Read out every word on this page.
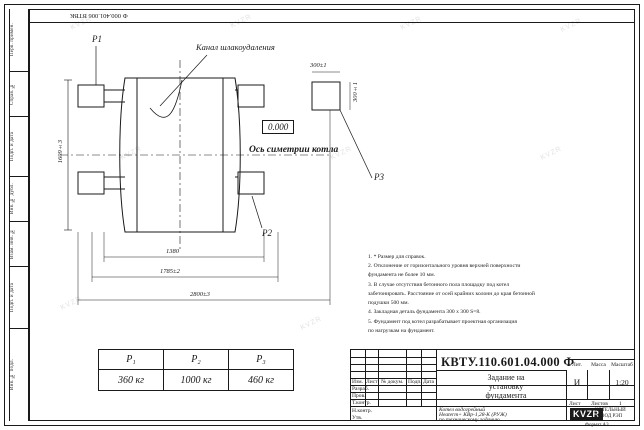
KVZR	KVZR	KVZR	KVZR
KVZR	KVZR	KVZR
KVZR
KVZR
Перв. примен.
Справ. №
Подп. и дата
Инв. № дубл.
Взам. инв. №
Подп. и дата
Инв. № подл.
Ф 000.401.006 ВТВК
P1
P2
P3
Канал шлакоудаления
0.000
Ось симетрии котла
1609±3
1380
1785±2
2800±3
300±1
300±1
1. * Размер для справок.
2. Отклонение от горизонтального уровня верхней поверхности
фундамента не более 10 мм.
3. В случае отсутствия бетонного пола площадку под котел
забетонировать. Расстояние от осей крайних колонн до края бетонной
подушки 500 мм.
4. Закладная деталь фундамента 300 х 300 S=8.
5. Фундамент под котел разрабатывает проектная организация
по нагрузкам на фундамент.
P₁	P₂	P₃
360 кг	1000 кг	460 кг	Изм. Лист № докум. Подп. Дата
Разраб.
Пров.
Т.контр.
Н.контр.
Утв.
КВТУ.110.601.04.000 Ф
Задание на
установку
фундамента
Лит.	Масса Масштаб
И	1:20
Лист Листов 1
Котел водогрейный
Неаterm+ КВр-1,28-К (РУЖ)
по техническому заданию
KVZR
КОТЕЛЬНЫЙ
ЗАВОД РЭП
Формат A3
